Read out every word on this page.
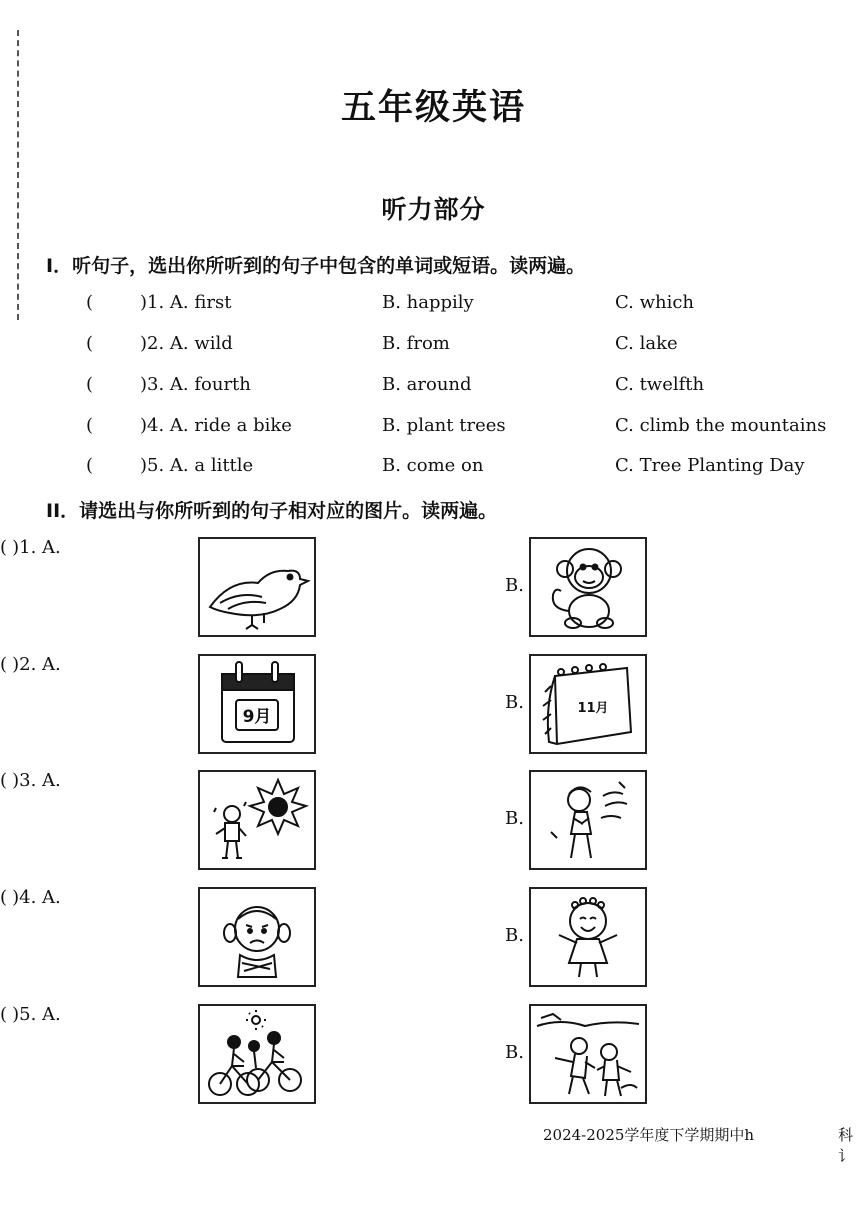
五年级英语
听力部分
I．听句子，选出你所听到的句子中包含的单词或短语。读两遍。
(	)1. A. first	B. happily	C. which
(	)2. A. wild	B. from	C. lake
(	)3. A. fourth	B. around	C. twelfth
(	)4. A. ride a bike	B. plant trees	C. climb the mountains
(	)5. A. a little	B. come on	C. Tree Planting Day
II．请选出与你所听到的句子相对应的图片。读两遍。
( )1. A.
B.
( )2. A.
9月
B.	11月
( )3. A.
B.
( )4. A.
B.
( )5. A.
B.
2024-2025学年度下学期期中h	科讠
